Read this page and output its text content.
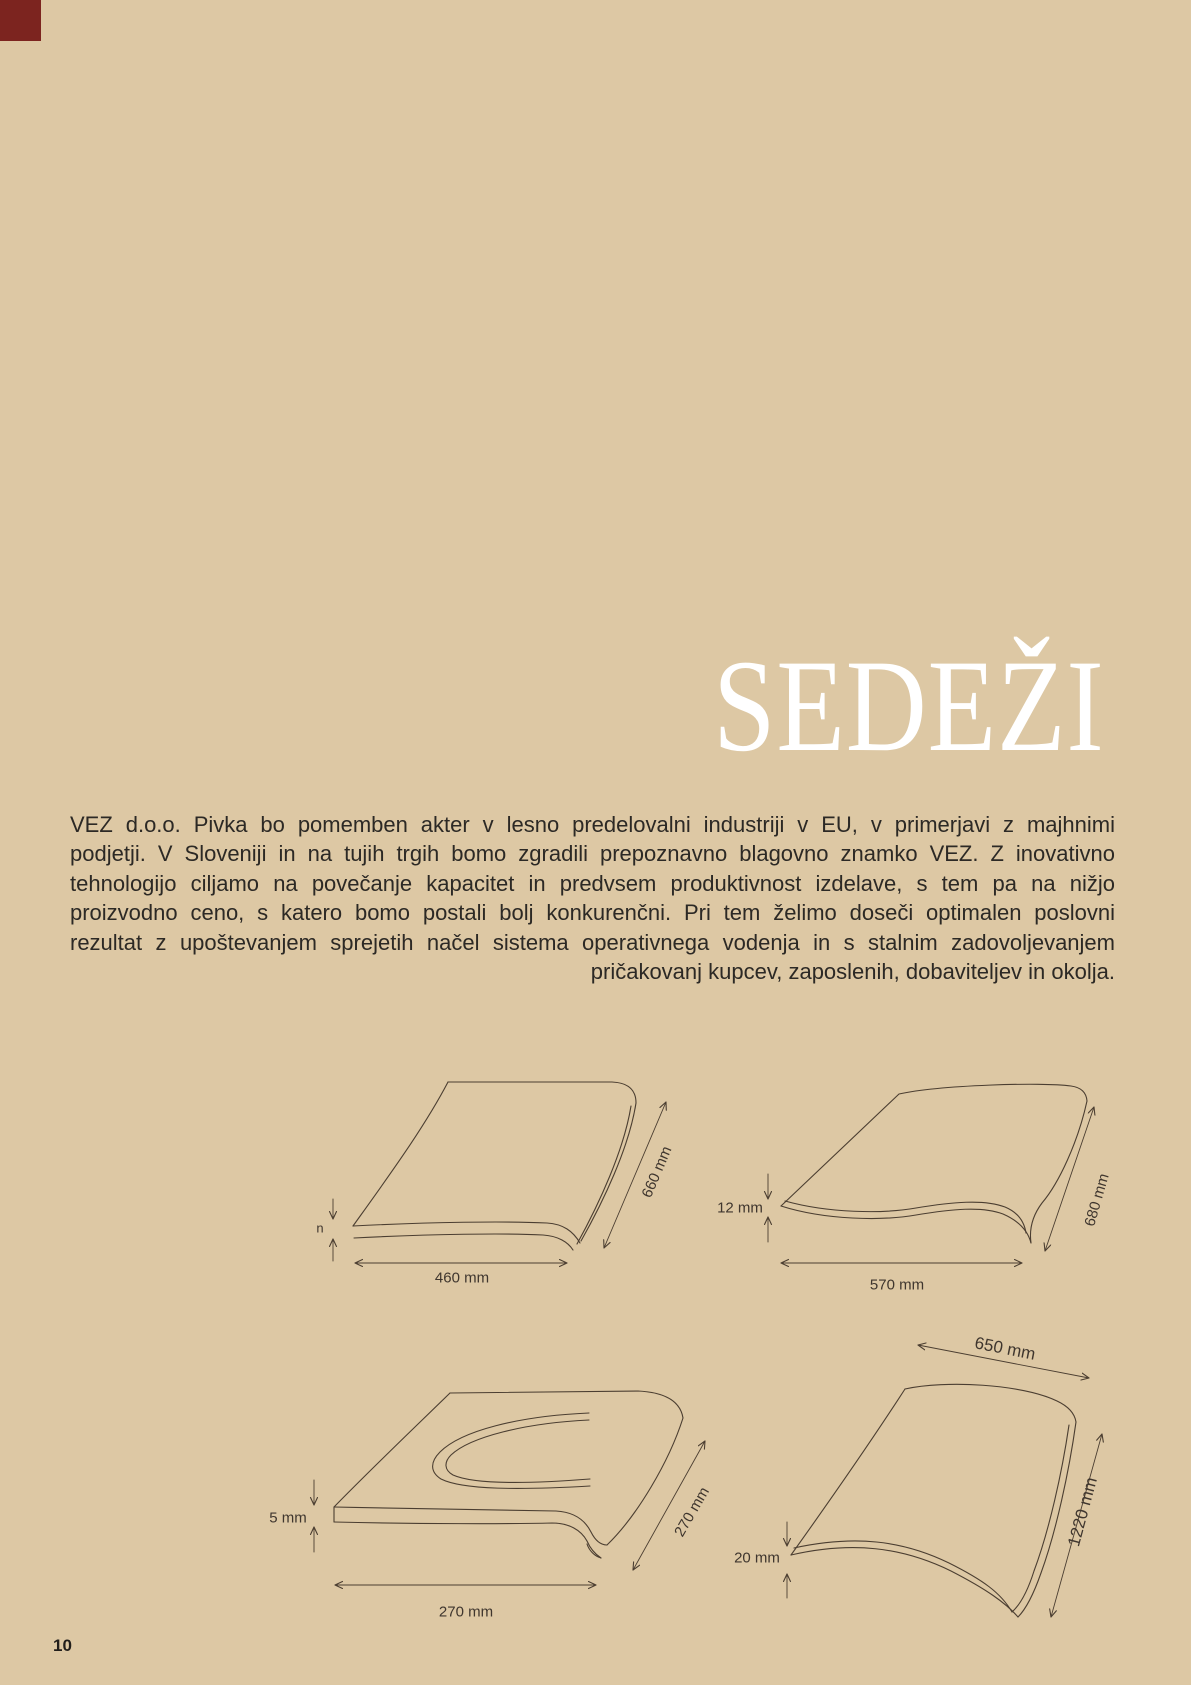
SEDEŽI
VEZ d.o.o. Pivka bo pomemben akter v lesno predelovalni industriji v EU, v primerjavi z majhnimi
podjetji. V Sloveniji in na tujih trgih bomo zgradili prepoznavno blagovno znamko VEZ. Z inovativno
tehnologijo ciljamo na povečanje kapacitet in predvsem produktivnost izdelave, s tem pa na nižjo
proizvodno ceno, s katero bomo postali bolj konkurenčni. Pri tem želimo doseči optimalen poslovni
rezultat z upoštevanjem sprejetih načel sistema operativnega vodenja in s stalnim zadovoljevanjem
pričakovanj kupcev, zaposlenih, dobaviteljev in okolja.
n
460 mm
660 mm
12 mm
570 mm
680 mm
5 mm
270 mm
270 mm
20 mm
650 mm
1220 mm
10
